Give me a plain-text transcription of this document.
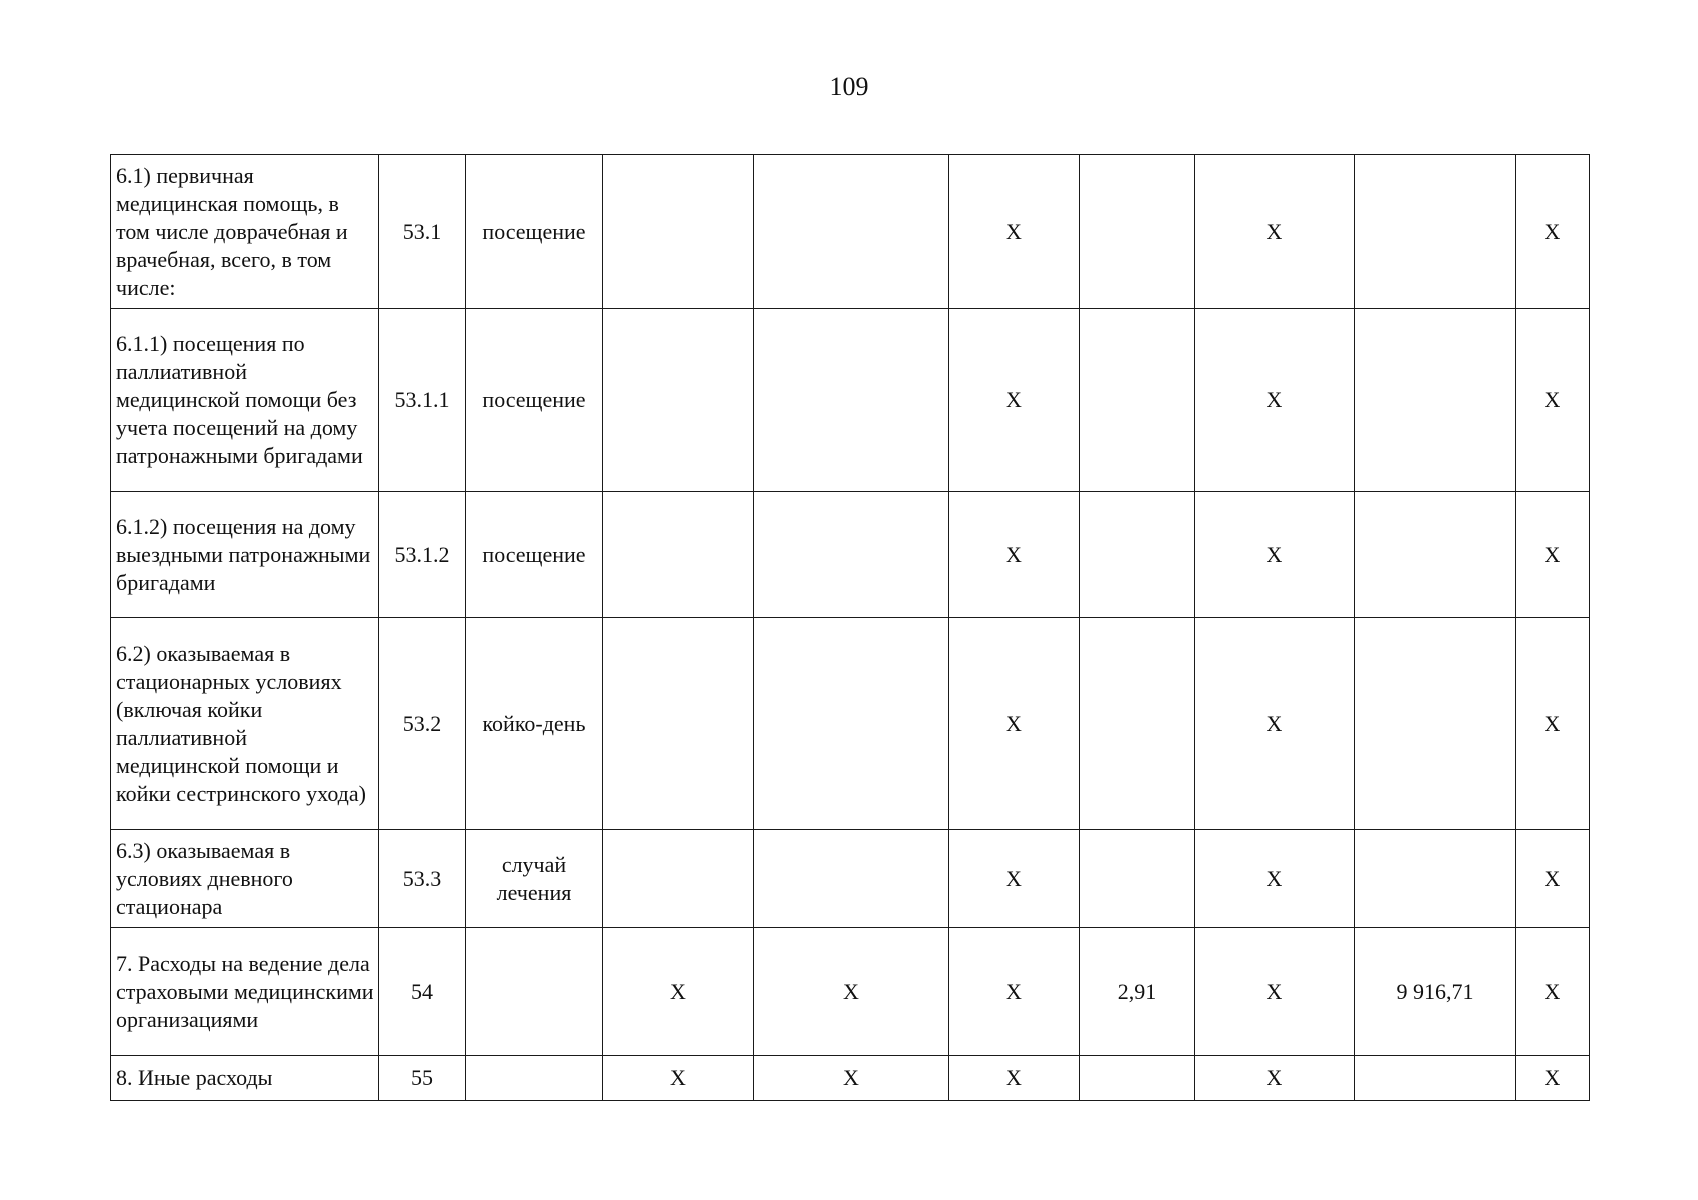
109
6.1) первичная медицинская помощь, в том числе доврачебная и врачебная, всего, в том числе:	53.1	посещение			X		X		X
6.1.1) посещения по паллиативной медицинской помощи без учета посещений на дому патронажными бригадами	53.1.1	посещение			X		X		X
6.1.2) посещения на дому выездными патронажными бригадами	53.1.2	посещение			X		X		X
6.2) оказываемая в стационарных условиях (включая койки паллиативной медицинской помощи и койки сестринского ухода)	53.2	койко-день			X		X		X
6.3) оказываемая в условиях дневного стационара	53.3	случай лечения			X		X		X
7. Расходы на ведение дела страховыми медицинскими организациями	54		X	X	X	2,91	X	9 916,71	X
8. Иные расходы	55		X	X	X		X		X
